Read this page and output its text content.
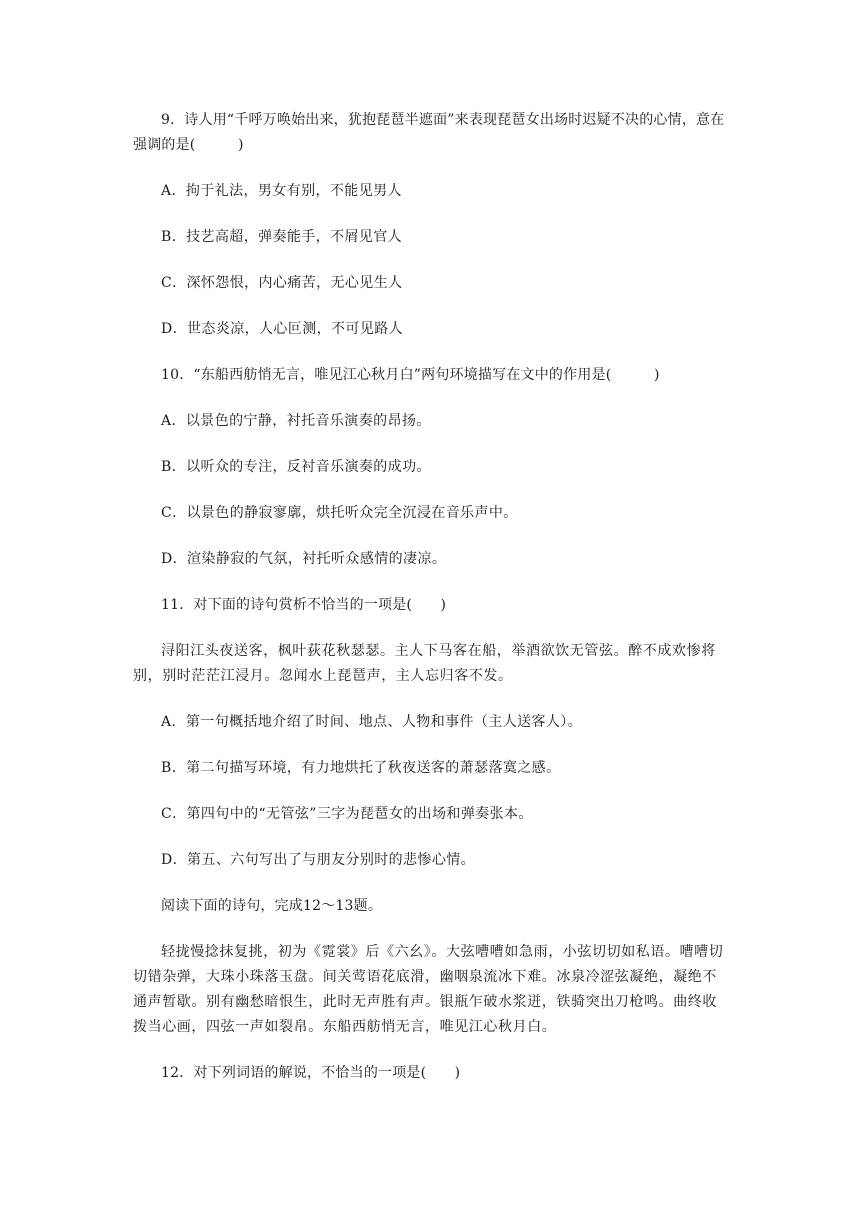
9．诗人用“千呼万唤始出来，犹抱琵琶半遮面”来表现琵琶女出场时迟疑不决的心情，意在强调的是(　　　)

A．拘于礼法，男女有别，不能见男人

B．技艺高超，弹奏能手，不屑见官人

C．深怀怨恨，内心痛苦，无心见生人

D．世态炎凉，人心叵测，不可见路人

10．“东船西舫悄无言，唯见江心秋月白”两句环境描写在文中的作用是(　　　)

A．以景色的宁静，衬托音乐演奏的昂扬。

B．以听众的专注，反衬音乐演奏的成功。

C．以景色的静寂寥廓，烘托听众完全沉浸在音乐声中。

D．渲染静寂的气氛，衬托听众感情的凄凉。

11．对下面的诗句赏析不恰当的一项是(　　)

浔阳江头夜送客，枫叶荻花秋瑟瑟。主人下马客在船，举酒欲饮无管弦。醉不成欢惨将别，别时茫茫江浸月。忽闻水上琵琶声，主人忘归客不发。

A．第一句概括地介绍了时间、地点、人物和事件（主人送客人）。

B．第二句描写环境，有力地烘托了秋夜送客的萧瑟落寞之感。

C．第四句中的“无管弦”三字为琵琶女的出场和弹奏张本。

D．第五、六句写出了与朋友分别时的悲惨心情。

阅读下面的诗句，完成12～13题。

轻拢慢捻抹复挑，初为《霓裳》后《六幺》。大弦嘈嘈如急雨，小弦切切如私语。嘈嘈切切错杂弹，大珠小珠落玉盘。间关莺语花底滑，幽咽泉流冰下难。冰泉冷涩弦凝绝，凝绝不通声暂歇。别有幽愁暗恨生，此时无声胜有声。银瓶乍破水浆迸，铁骑突出刀枪鸣。曲终收拨当心画，四弦一声如裂帛。东船西舫悄无言，唯见江心秋月白。

12．对下列词语的解说，不恰当的一项是(　　)
